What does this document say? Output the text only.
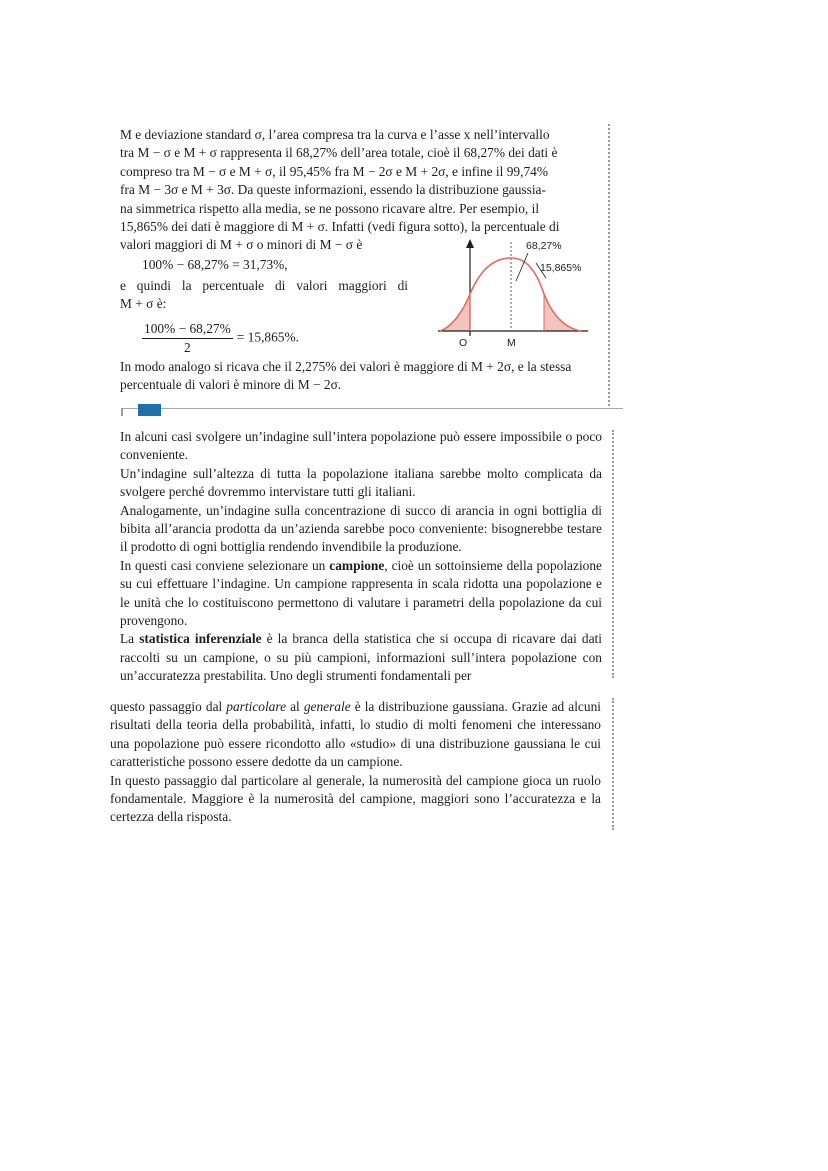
M e deviazione standard σ, l’area compresa tra la curva e l’asse x nell’intervallo

tra M − σ e M + σ rappresenta il 68,27% dell’area totale, cioè il 68,27% dei dati è

compreso tra M − σ e M + σ, il 95,45% fra M − 2σ e M + 2σ, e infine il 99,74%

fra M − 3σ e M + 3σ. Da queste informazioni, essendo la distribuzione gaussia-

na simmetrica rispetto alla media, se ne possono ricavare altre. Per esempio, il

15,865% dei dati è maggiore di M + σ. Infatti (vedi figura sotto), la percentuale di

valori maggiori di M + σ o minori di M − σ è

100% − 68,27% = 31,73%,

e quindi la percentuale di valori maggiori di

M + σ è:

$\frac{100\% - 68,27\%}{2} = 15,865\%$.
68,27%
15,865%
O	M

In modo analogo si ricava che il 2,275% dei valori è maggiore di M + 2σ, e la stessa

percentuale di valori è minore di M − 2σ.

In alcuni casi svolgere un’indagine sull’intera popolazione può essere impossibile o poco conveniente.

Un’indagine sull’altezza di tutta la popolazione italiana sarebbe molto complicata da svolgere perché dovremmo intervistare tutti gli italiani.

Analogamente, un’indagine sulla concentrazione di succo di arancia in ogni bottiglia di bibita all’arancia prodotta da un’azienda sarebbe poco conveniente: bisognerebbe testare il prodotto di ogni bottiglia rendendo invendibile la produzione.

In questi casi conviene selezionare un campione, cioè un sottoinsieme della popolazione su cui effettuare l’indagine. Un campione rappresenta in scala ridotta una popolazione e le unità che lo costituiscono permettono di valutare i parametri della popolazione da cui provengono.

La statistica inferenziale è la branca della statistica che si occupa di ricavare dai dati raccolti su un campione, o su più campioni, informazioni sull’intera popolazione con un’accuratezza prestabilita. Uno degli strumenti fondamentali per

questo passaggio dal particolare al generale è la distribuzione gaussiana. Grazie ad alcuni risultati della teoria della probabilità, infatti, lo studio di molti fenomeni che interessano una popolazione può essere ricondotto allo «studio» di una distribuzione gaussiana le cui caratteristiche possono essere dedotte da un campione.

In questo passaggio dal particolare al generale, la numerosità del campione gioca un ruolo fondamentale. Maggiore è la numerosità del campione, maggiori sono l’accuratezza e la certezza della risposta.
